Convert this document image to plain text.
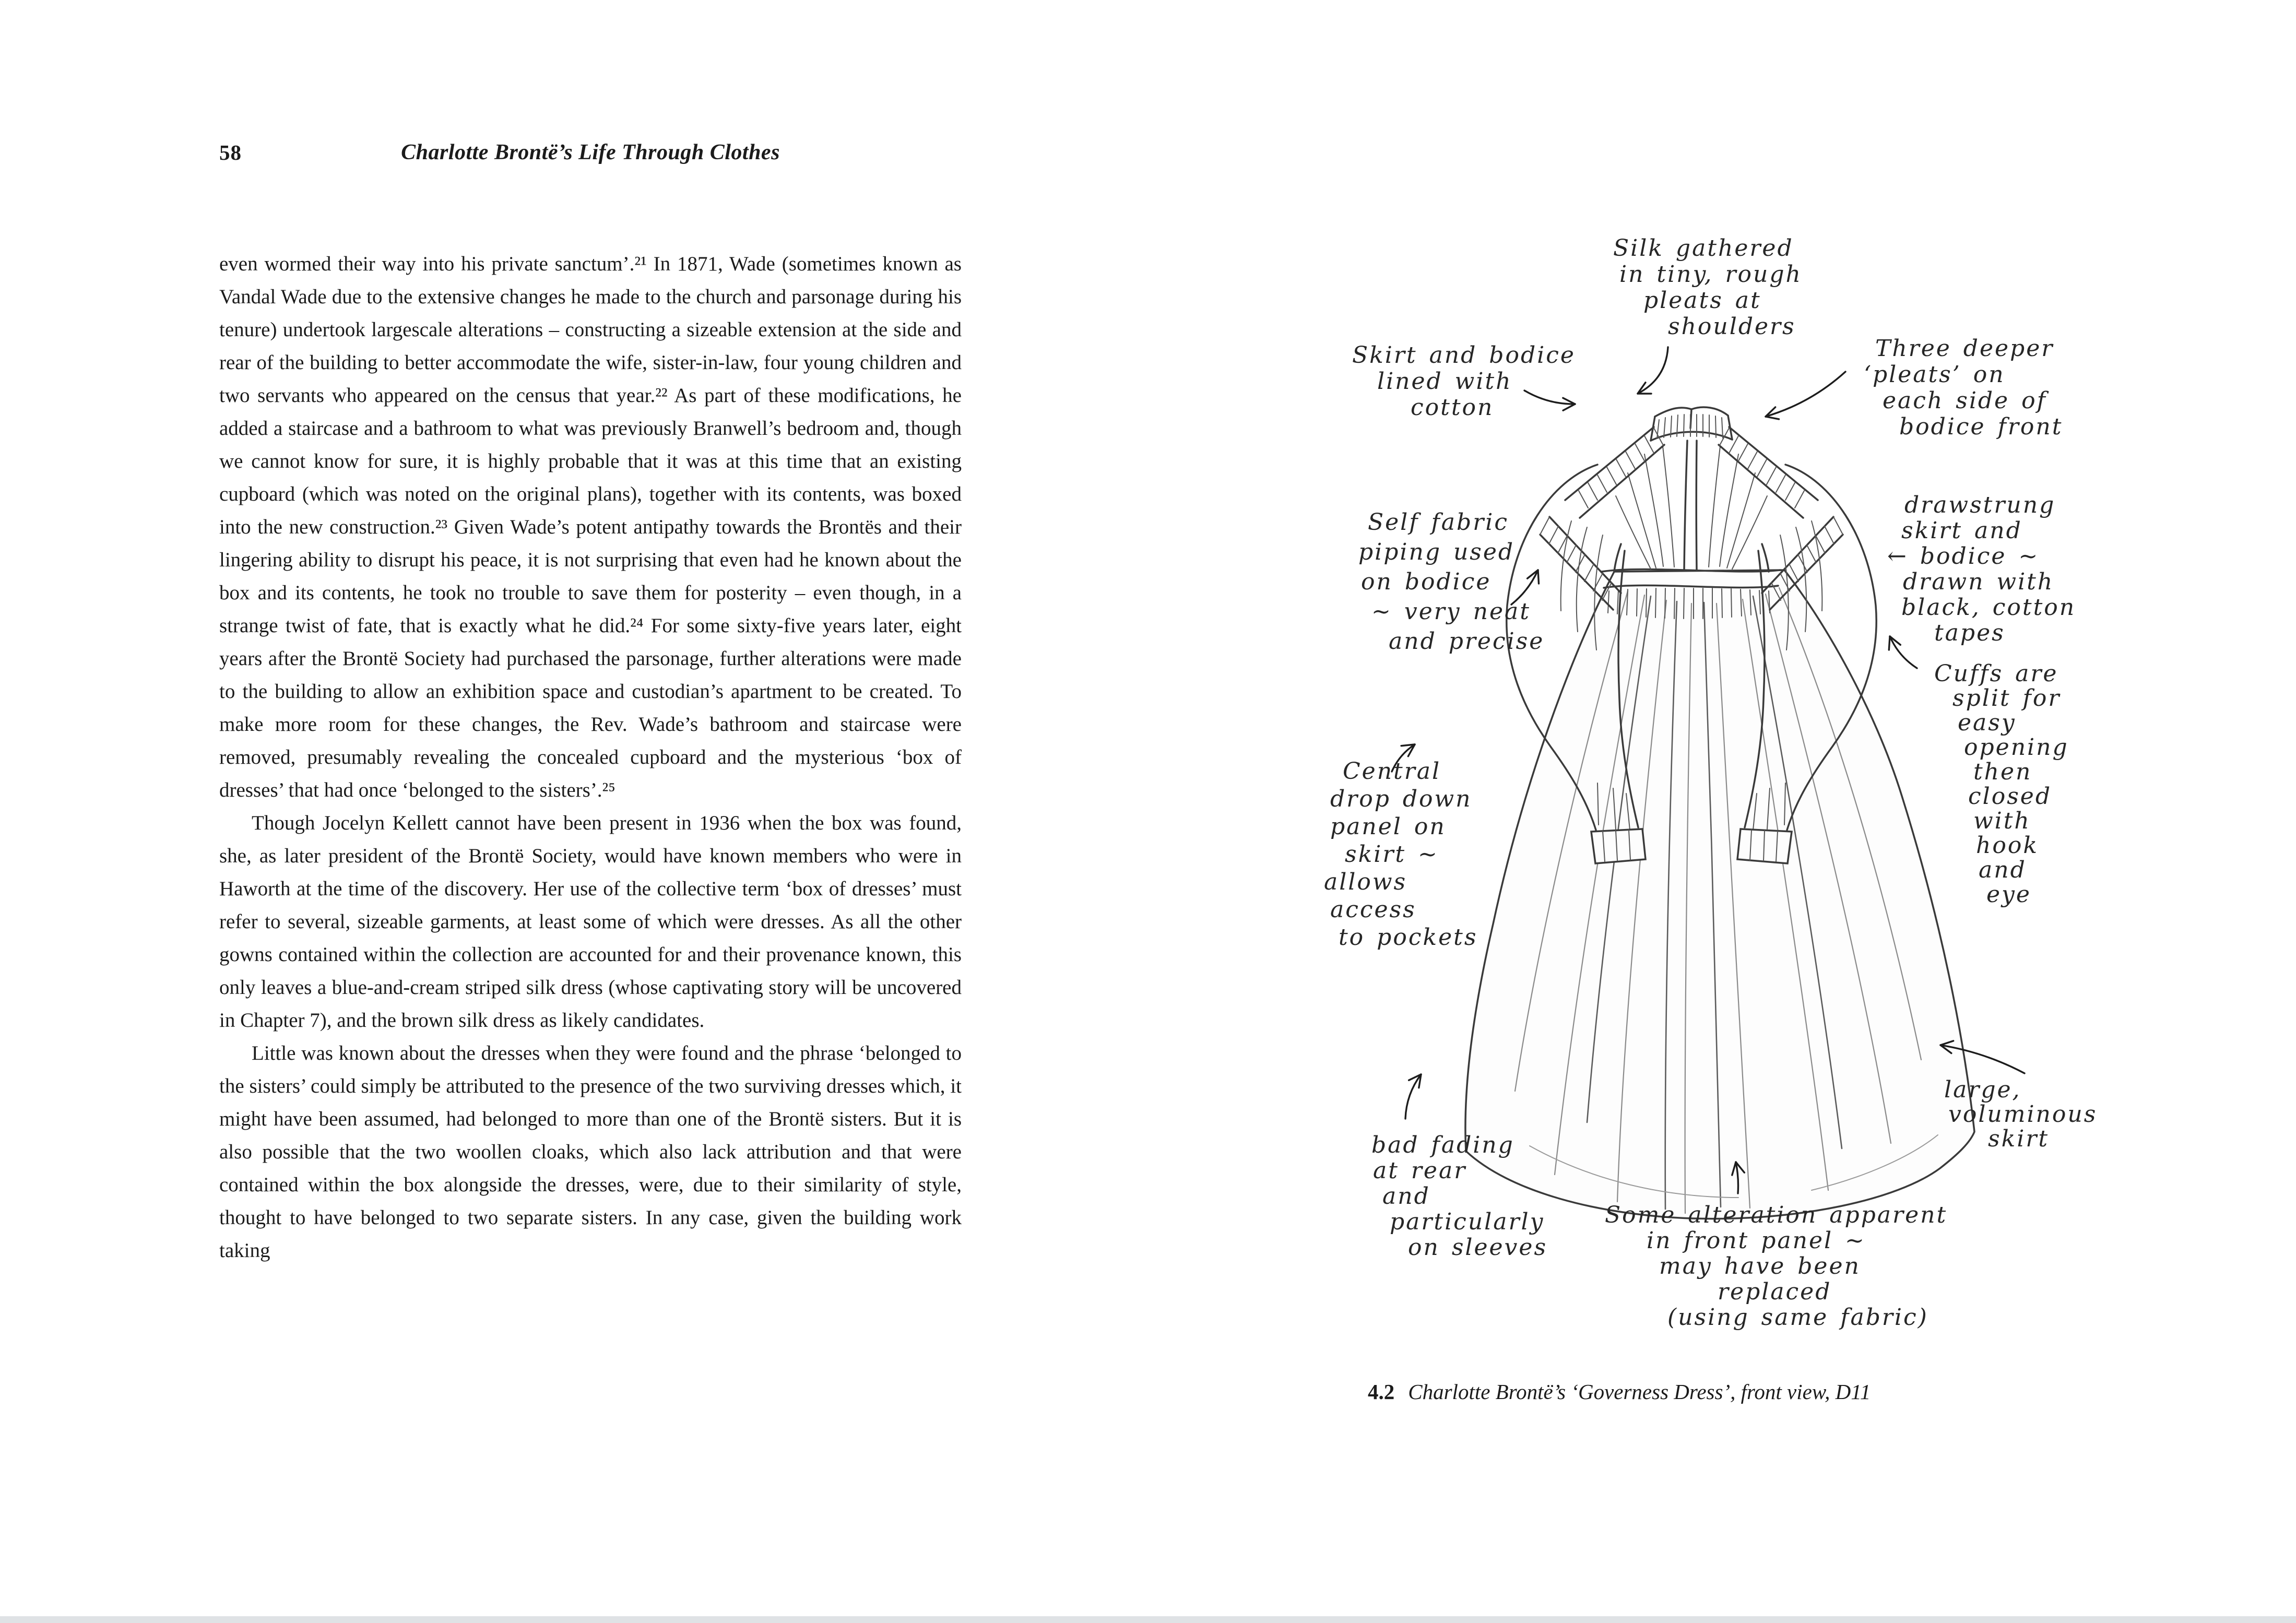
58	Charlotte Brontë’s Life Through Clothes
even wormed their way into his private sanctum’.²¹ In 1871, Wade (sometimes known as Vandal Wade due to the extensive changes he made to the church and parsonage during his tenure) undertook largescale alterations – constructing a sizeable extension at the side and rear of the building to better accommodate the wife, sister-in-law, four young children and two servants who appeared on the census that year.²² As part of these modifications, he added a staircase and a bathroom to what was previously Branwell’s bedroom and, though we cannot know for sure, it is highly probable that it was at this time that an existing cupboard (which was noted on the original plans), together with its contents, was boxed into the new construction.²³ Given Wade’s potent antipathy towards the Brontës and their lingering ability to disrupt his peace, it is not surprising that even had he known about the box and its contents, he took no trouble to save them for posterity – even though, in a strange twist of fate, that is exactly what he did.²⁴ For some sixty-five years later, eight years after the Brontë Society had purchased the parsonage, further alterations were made to the building to allow an exhibition space and custodian’s apartment to be created. To make more room for these changes, the Rev. Wade’s bathroom and staircase were removed, presumably revealing the concealed cupboard and the mysterious ‘box of dresses’ that had once ‘belonged to the sisters’.²⁵
Though Jocelyn Kellett cannot have been present in 1936 when the box was found, she, as later president of the Brontë Society, would have known members who were in Haworth at the time of the discovery. Her use of the collective term ‘box of dresses’ must refer to several, sizeable garments, at least some of which were dresses. As all the other gowns contained within the collection are accounted for and their provenance known, this only leaves a blue-and-cream striped silk dress (whose captivating story will be uncovered in Chapter 7), and the brown silk dress as likely candidates.
Little was known about the dresses when they were found and the phrase ‘belonged to the sisters’ could simply be attributed to the presence of the two surviving dresses which, it might have been assumed, had belonged to more than one of the Brontë sisters. But it is also possible that the two woollen cloaks, which also lack attribution and that were contained within the box alongside the dresses, were, due to their similarity of style, thought to have belonged to two separate sisters. In any case, given the building work taking
Silk gathered
in tiny, rough
pleats at
shoulders
Skirt and bodice
lined with
cotton
Three deeper
‘pleats’ on
each side of
bodice front
Self fabric
piping used
on bodice
~ very neat
and precise
drawstrung
skirt and
← bodice ~
drawn with
black, cotton
tapes
Cuffs are
split for
easy
opening
then
closed
with
hook
and
eye
Central
drop down
panel on
skirt ~
allows
access
to pockets
bad fading
at rear
and
particularly
on sleeves
large,
voluminous
skirt
Some alteration apparent
in front panel ~
may have been
replaced
(using same fabric)
4.2 Charlotte Brontë’s ‘Governess Dress’, front view, D11
